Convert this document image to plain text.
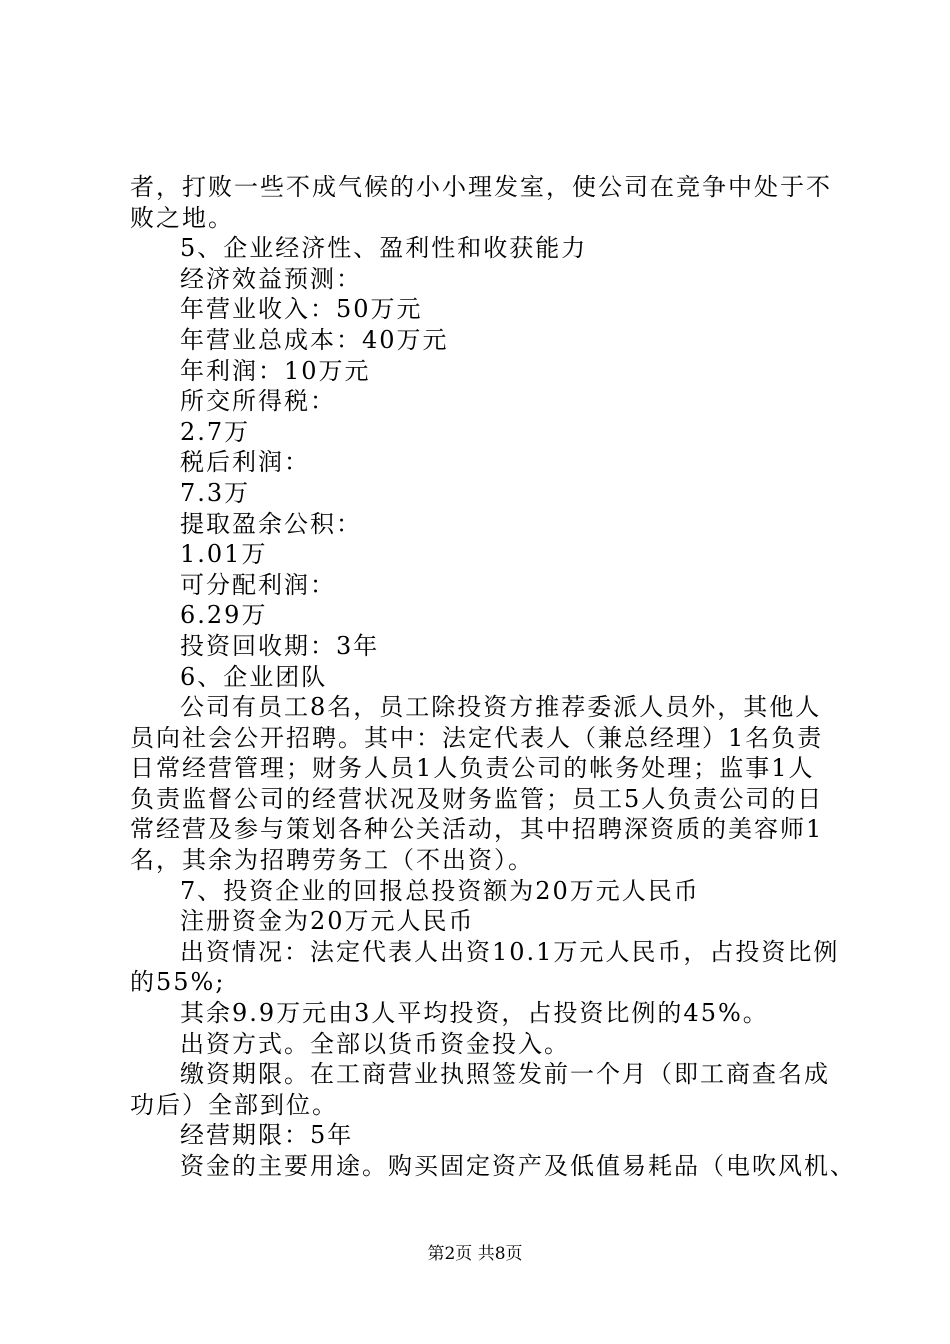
者，打败一些不成气候的小小理发室，使公司在竞争中处于不
败之地。
5、企业经济性、盈利性和收获能力
经济效益预测：
年营业收入：50万元
年营业总成本：40万元
年利润：10万元
所交所得税：
2.7万
税后利润：
7.3万
提取盈余公积：
1.01万
可分配利润：
6.29万
投资回收期：3年
6、企业团队
公司有员工8名，员工除投资方推荐委派人员外，其他人
员向社会公开招聘。其中：法定代表人（兼总经理）1名负责
日常经营管理；财务人员1人负责公司的帐务处理；监事1人
负责监督公司的经营状况及财务监管；员工5人负责公司的日
常经营及参与策划各种公关活动，其中招聘深资质的美容师1
名，其余为招聘劳务工（不出资）。
7、投资企业的回报总投资额为20万元人民币
注册资金为20万元人民币
出资情况：法定代表人出资10.1万元人民币，占投资比例
的55%;
其余9.9万元由3人平均投资，占投资比例的45%。
出资方式。全部以货币资金投入。
缴资期限。在工商营业执照签发前一个月（即工商查名成
功后）全部到位。
经营期限：5年
资金的主要用途。购买固定资产及低值易耗品（电吹风机、
第2页 共8页
